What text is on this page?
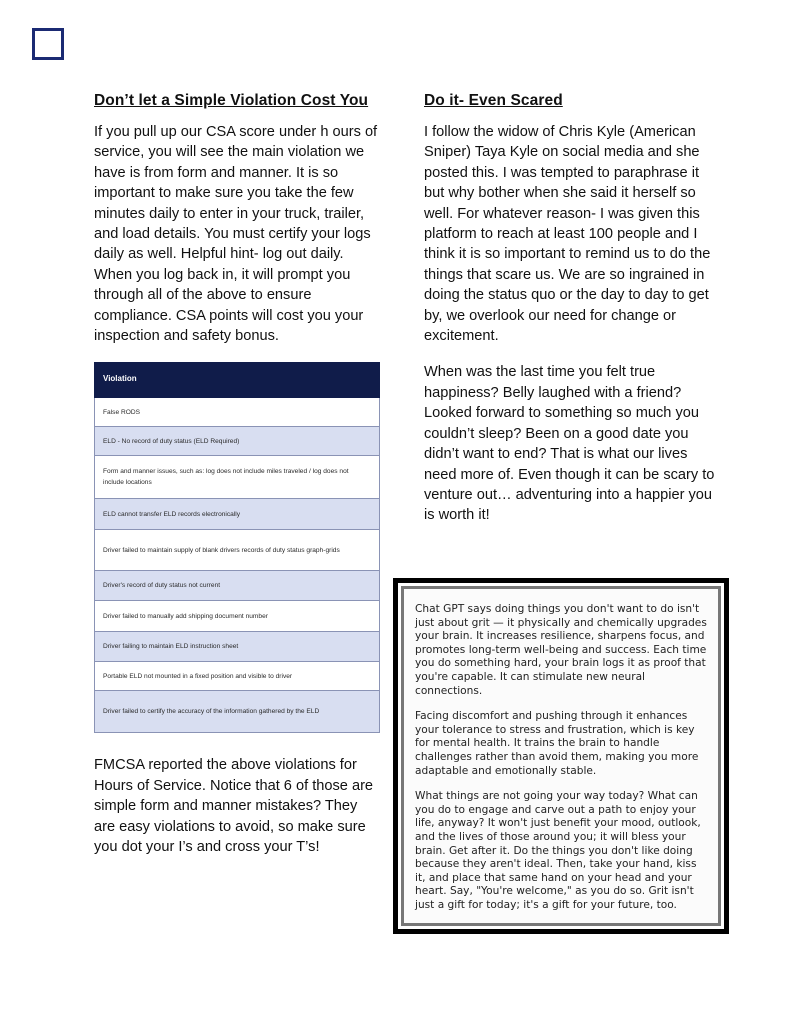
Don’t let a Simple Violation Cost You

If you pull up our CSA score under h ours of service, you will see the main violation we have is from form and manner. It is so important to make sure you take the few minutes daily to enter in your truck, trailer, and load details. You must certify your logs daily as well. Helpful hint- log out daily. When you log back in, it will prompt you through all of the above to ensure compliance. CSA points will cost you your inspection and safety bonus.

Violation
False RODS
ELD - No record of duty status (ELD Required)
Form and manner issues, such as: log does not include miles traveled / log does not include locations
ELD cannot transfer ELD records electronically
Driver failed to maintain supply of blank drivers records of duty status graph-grids
Driver's record of duty status not current
Driver failed to manually add shipping document number
Driver failing to maintain ELD instruction sheet
Portable ELD not mounted in a fixed position and visible to driver
Driver failed to certify the accuracy of the information gathered by the ELD

FMCSA reported the above violations for Hours of Service. Notice that 6 of those are simple form and manner mistakes? They are easy violations to avoid, so make sure you dot your I’s and cross your T’s!

Do it- Even Scared

I follow the widow of Chris Kyle (American Sniper) Taya Kyle on social media and she posted this. I was tempted to paraphrase it but why bother when she said it herself so well. For whatever reason- I was given this platform to reach at least 100 people and I think it is so important to remind us to do the things that scare us. We are so ingrained in doing the status quo or the day to day to get by, we overlook our need for change or excitement.

When was the last time you felt true happiness? Belly laughed with a friend? Looked forward to something so much you couldn’t sleep? Been on a good date you didn’t want to end? That is what our lives need more of. Even though it can be scary to venture out… adventuring into a happier you is worth it!

Chat GPT says doing things you don't want to do isn't just about grit — it physically and chemically upgrades your brain. It increases resilience, sharpens focus, and promotes long-term well-being and success. Each time you do something hard, your brain logs it as proof that you're capable. It can stimulate new neural connections.

Facing discomfort and pushing through it enhances your tolerance to stress and frustration, which is key for mental health. It trains the brain to handle challenges rather than avoid them, making you more adaptable and emotionally stable.

What things are not going your way today? What can you do to engage and carve out a path to enjoy your life, anyway? It won't just benefit your mood, outlook, and the lives of those around you; it will bless your brain. Get after it. Do the things you don't like doing because they aren't ideal. Then, take your hand, kiss it, and place that same hand on your head and your heart. Say, "You're welcome," as you do so. Grit isn't just a gift for today; it's a gift for your future, too.
